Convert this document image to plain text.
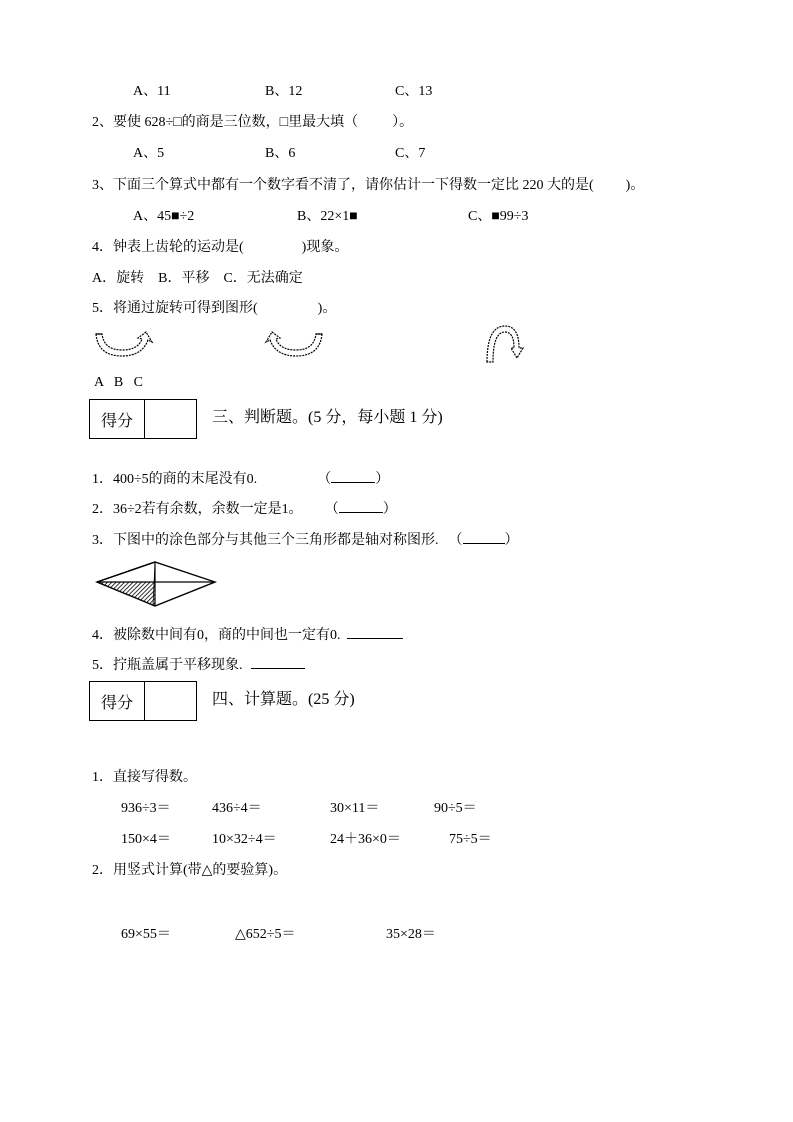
A、11	B、12	C、13
2、要使 628÷□的商是三位数，□里最大填（ ）。
A、5	B、6	C、7
3、下面三个算式中都有一个数字看不清了，请你估计一下得数一定比 220 大的是( )。
A、45■÷2	B、22×1■	C、■99÷3
4．钟表上齿轮的运动是(	)现象。
A．旋转    B．平移    C．无法确定
5．将通过旋转可得到图形(	)。
A   B   C
得分	三、判断题。(5 分，每小题 1 分)
1．400÷5的商的末尾没有0.	（	）
2．36÷2若有余数，余数一定是1。 （	）
3．下图中的涂色部分与其他三个三角形都是轴对称图形. （	）
4．被除数中间有0，商的中间也一定有0.
5．拧瓶盖属于平移现象.
得分	四、计算题。(25 分)
1．直接写得数。
936÷3＝	436÷4＝	30×11＝	90÷5＝
150×4＝	10×32÷4＝	24＋36×0＝	75÷5＝
2．用竖式计算(带△的要验算)。
69×55＝	△652÷5＝	35×28＝
